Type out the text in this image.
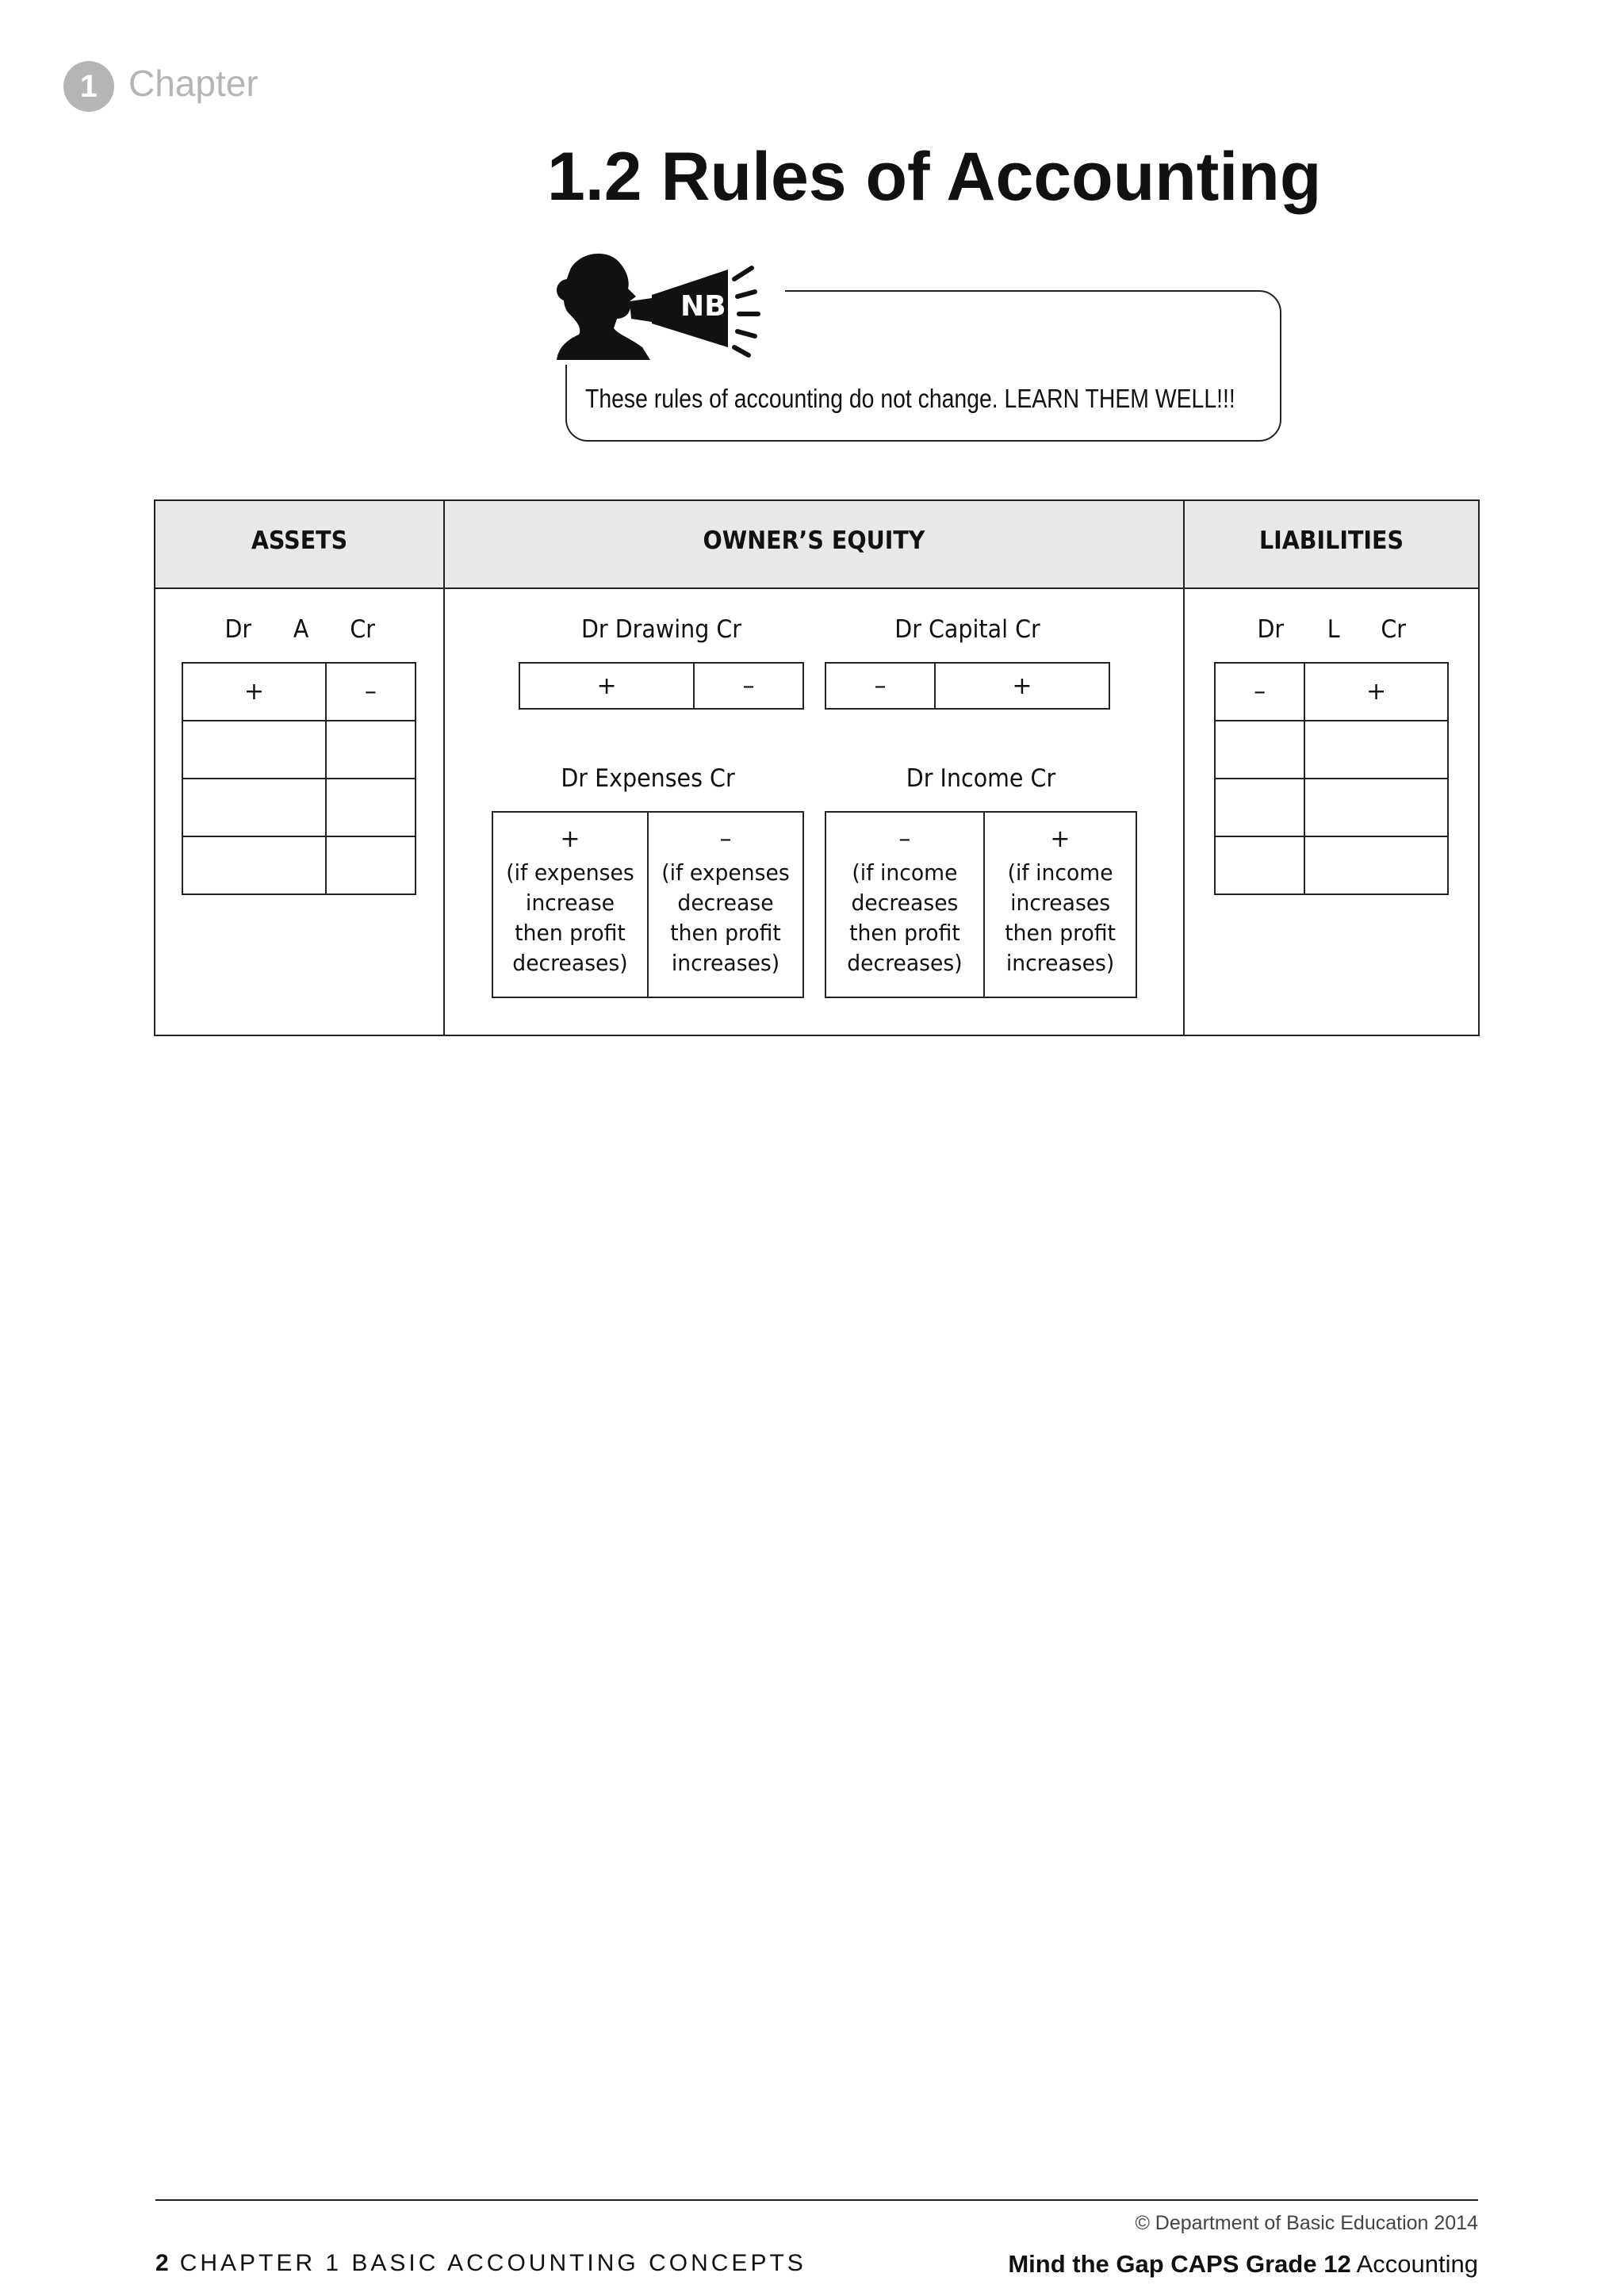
1 Chapter
1.2 Rules of Accounting
NB
These rules of accounting do not change. LEARN THEM WELL!!!
ASSETS	OWNER’S EQUITY	LIABILITIES
Dr A Cr
+	–

Dr Drawing Cr
+	–
Dr Capital Cr
–	+
Dr Expenses Cr
+
(if expenses
increase
then profit
decreases)
	–
(if expenses
decrease
then profit
increases)
Dr Income Cr
–
(if income
decreases
then profit
decreases)
	+
(if income
increases
then profit
increases)
Dr L Cr
–	+

© Department of Basic Education 2014
2 CHAPTER 1 BASIC ACCOUNTING CONCEPTS	Mind the Gap CAPS Grade 12 Accounting
